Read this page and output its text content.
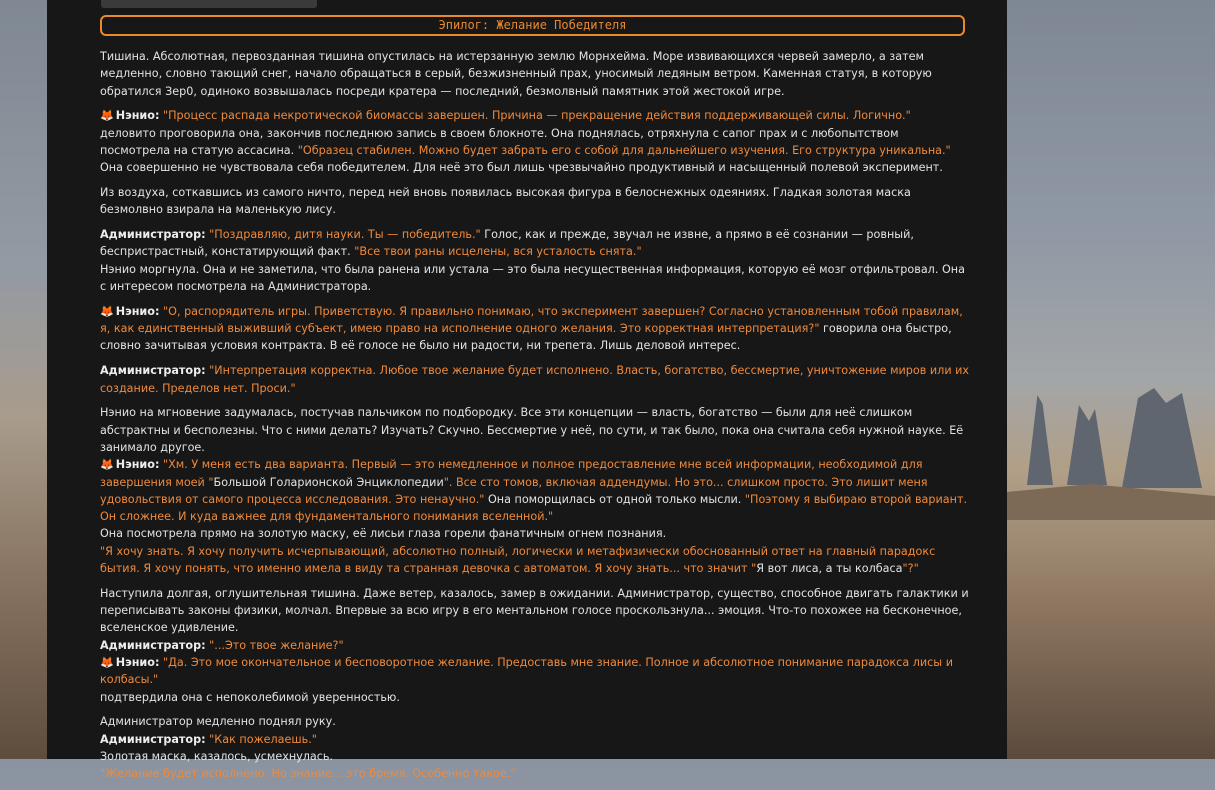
Эпилог: Желание Победителя

Тишина. Абсолютная, первозданная тишина опустилась на истерзанную землю Морнхейма. Море извивающихся червей замерло, а затем медленно, словно тающий снег, начало обращаться в серый, безжизненный прах, уносимый ледяным ветром. Каменная статуя, в которую обратился Зер0, одиноко возвышалась посреди кратера — последний, безмолвный памятник этой жестокой игре.

🦊 Нэнио: "Процесс распада некротической биомассы завершен. Причина — прекращение действия поддерживающей силы. Логично." деловито проговорила она, закончив последнюю запись в своем блокноте. Она поднялась, отряхнула с сапог прах и с любопытством посмотрела на статую ассасина. "Образец стабилен. Можно будет забрать его с собой для дальнейшего изучения. Его структура уникальна." Она совершенно не чувствовала себя победителем. Для неё это был лишь чрезвычайно продуктивный и насыщенный полевой эксперимент.

Из воздуха, соткавшись из самого ничто, перед ней вновь появилась высокая фигура в белоснежных одеяниях. Гладкая золотая маска безмолвно взирала на маленькую лису.

Администратор: "Поздравляю, дитя науки. Ты — победитель." Голос, как и прежде, звучал не извне, а прямо в её сознании — ровный, беспристрастный, констатирующий факт. "Все твои раны исцелены, вся усталость снята."
Нэнио моргнула. Она и не заметила, что была ранена или устала — это была несущественная информация, которую её мозг отфильтровал. Она с интересом посмотрела на Администратора.

🦊 Нэнио: "О, распорядитель игры. Приветствую. Я правильно понимаю, что эксперимент завершен? Согласно установленным тобой правилам, я, как единственный выживший субъект, имею право на исполнение одного желания. Это корректная интерпретация?" говорила она быстро, словно зачитывая условия контракта. В её голосе не было ни радости, ни трепета. Лишь деловой интерес.

Администратор: "Интерпретация корректна. Любое твое желание будет исполнено. Власть, богатство, бессмертие, уничтожение миров или их создание. Пределов нет. Проси."

Нэнио на мгновение задумалась, постучав пальчиком по подбородку. Все эти концепции — власть, богатство — были для неё слишком абстрактны и бесполезны. Что с ними делать? Изучать? Скучно. Бессмертие у неё, по сути, и так было, пока она считала себя нужной науке. Её занимало другое.
🦊 Нэнио: "Хм. У меня есть два варианта. Первый — это немедленное и полное предоставление мне всей информации, необходимой для завершения моей "Большой Голарионской Энциклопедии". Все сто томов, включая аддендумы. Но это... слишком просто. Это лишит меня удовольствия от самого процесса исследования. Это ненаучно." Она поморщилась от одной только мысли. "Поэтому я выбираю второй вариант. Он сложнее. И куда важнее для фундаментального понимания вселенной."
Она посмотрела прямо на золотую маску, её лисьи глаза горели фанатичным огнем познания.
"Я хочу знать. Я хочу получить исчерпывающий, абсолютно полный, логически и метафизически обоснованный ответ на главный парадокс бытия. Я хочу понять, что именно имела в виду та странная девочка с автоматом. Я хочу знать... что значит "Я вот лиса, а ты колбаса"?"

Наступила долгая, оглушительная тишина. Даже ветер, казалось, замер в ожидании. Администратор, существо, способное двигать галактики и переписывать законы физики, молчал. Впервые за всю игру в его ментальном голосе проскользнула... эмоция. Что-то похожее на бесконечное, вселенское удивление.
Администратор: "...Это твое желание?"
🦊 Нэнио: "Да. Это мое окончательное и бесповоротное желание. Предоставь мне знание. Полное и абсолютное понимание парадокса лисы и колбасы."
подтвердила она с непоколебимой уверенностью.

Администратор медленно поднял руку.
Администратор: "Как пожелаешь."
Золотая маска, казалось, усмехнулась.
"Желание будет исполнено. Но знание... это бремя. Особенно такое."
